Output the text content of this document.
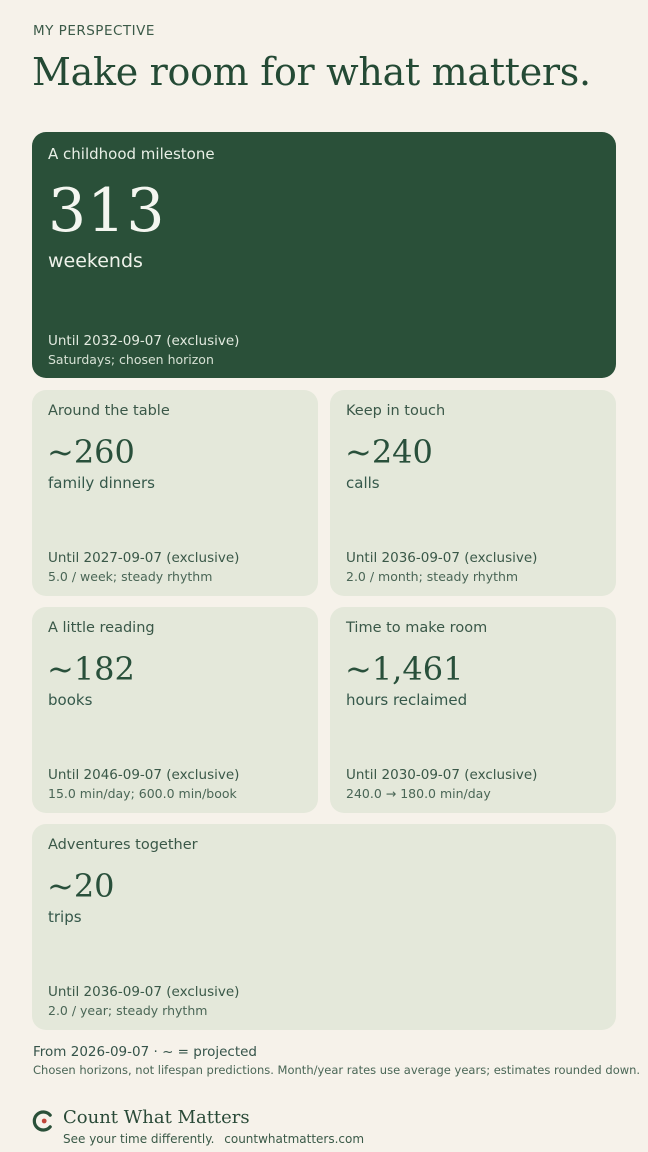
MY PERSPECTIVE
Make room for what matters.
A childhood milestone
313
weekends
Until 2032-09-07 (exclusive)
Saturdays; chosen horizon
Around the table
~260
family dinners
Until 2027-09-07 (exclusive)
5.0 / week; steady rhythm
Keep in touch
~240
calls
Until 2036-09-07 (exclusive)
2.0 / month; steady rhythm
A little reading
~182
books
Until 2046-09-07 (exclusive)
15.0 min/day; 600.0 min/book
Time to make room
~1,461
hours reclaimed
Until 2030-09-07 (exclusive)
240.0 → 180.0 min/day
Adventures together
~20
trips
Until 2036-09-07 (exclusive)
2.0 / year; steady rhythm
From 2026-09-07 · ~ = projected
Chosen horizons, not lifespan predictions. Month/year rates use average years; estimates rounded down.
Count What Matters
See your time differently. countwhatmatters.com
